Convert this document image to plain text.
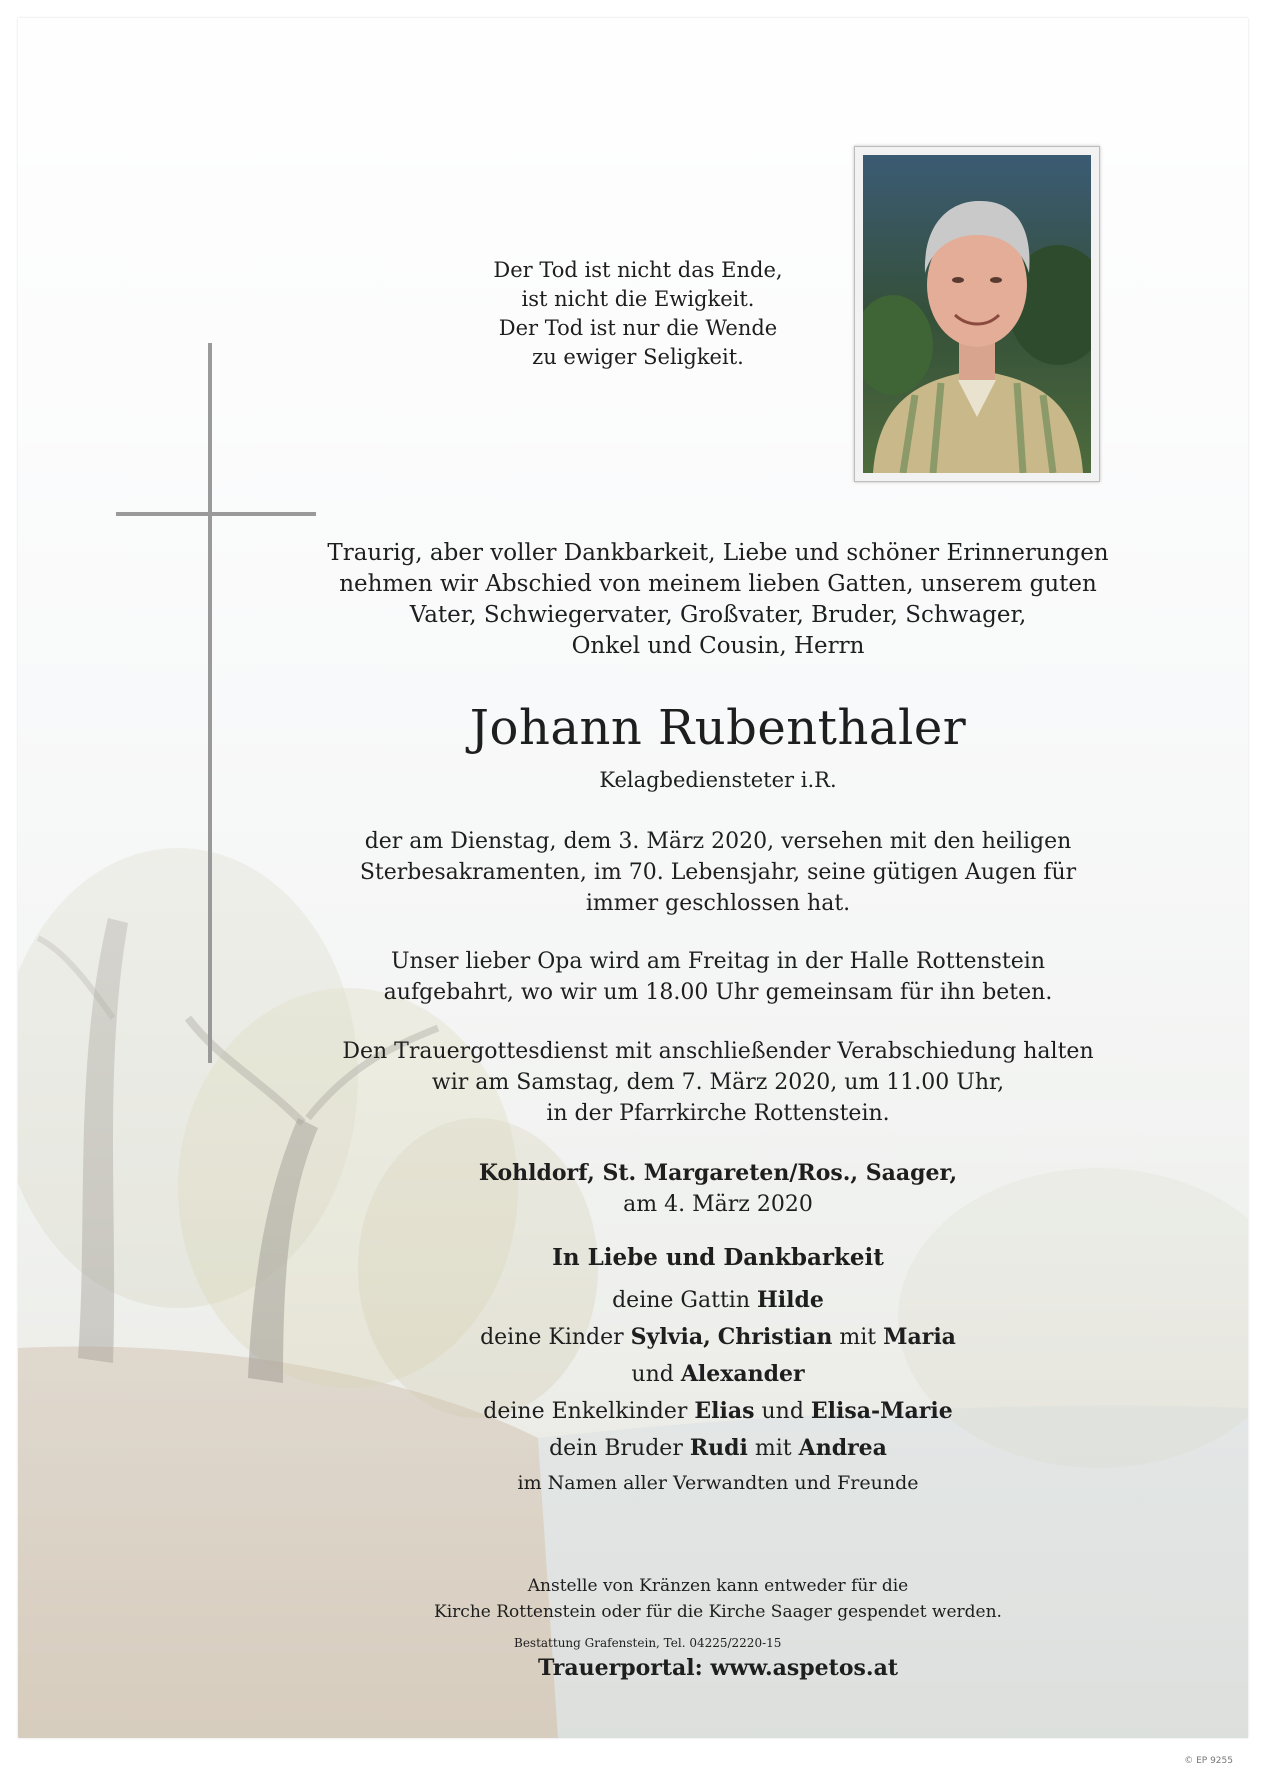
Der Tod ist nicht das Ende,
ist nicht die Ewigkeit.
Der Tod ist nur die Wende
zu ewiger Seligkeit.
Traurig, aber voller Dankbarkeit, Liebe und schöner Erinnerungen
nehmen wir Abschied von meinem lieben Gatten, unserem guten
Vater, Schwiegervater, Großvater, Bruder, Schwager,
Onkel und Cousin, Herrn
Johann Rubenthaler
Kelagbediensteter i.R.
der am Dienstag, dem 3. März 2020, versehen mit den heiligen
Sterbesakramenten, im 70. Lebensjahr, seine gütigen Augen für
immer geschlossen hat.
Unser lieber Opa wird am Freitag in der Halle Rottenstein
aufgebahrt, wo wir um 18.00 Uhr gemeinsam für ihn beten.
Den Trauergottesdienst mit anschließender Verabschiedung halten
wir am Samstag, dem 7. März 2020, um 11.00 Uhr,
in der Pfarrkirche Rottenstein.
Kohldorf, St. Margareten/Ros., Saager,
am 4. März 2020
In Liebe und Dankbarkeit
deine Gattin Hilde
deine Kinder Sylvia, Christian mit Maria
und Alexander
deine Enkelkinder Elias und Elisa-Marie
dein Bruder Rudi mit Andrea
im Namen aller Verwandten und Freunde
Anstelle von Kränzen kann entweder für die
Kirche Rottenstein oder für die Kirche Saager gespendet werden.
Bestattung Grafenstein, Tel. 04225/2220-15
Trauerportal: www.aspetos.at
© EP 9255
